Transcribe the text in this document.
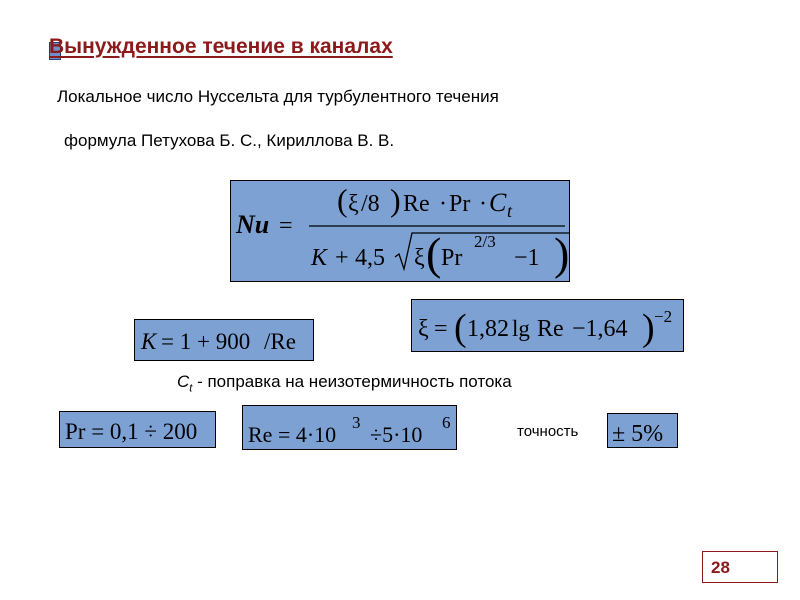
Вынужденное течение в каналах
Локальное число Нуссельта для турбулентного течения
формула Петухова Б. С., Кириллова В. В.
Nu =
( ξ /8 ) Re · Pr · C t
K + 4,5 ξ ( Pr
2/3
−1 )
K = 1 + 900 /Re	ξ = ( 1,82 lg Re −1,64 ) −2
$C_t$ - поправка на неизотермичность потока
Pr = 0,1 ÷ 200 Re = 4·10 3 ÷5·10 6	точность ± 5%
28
